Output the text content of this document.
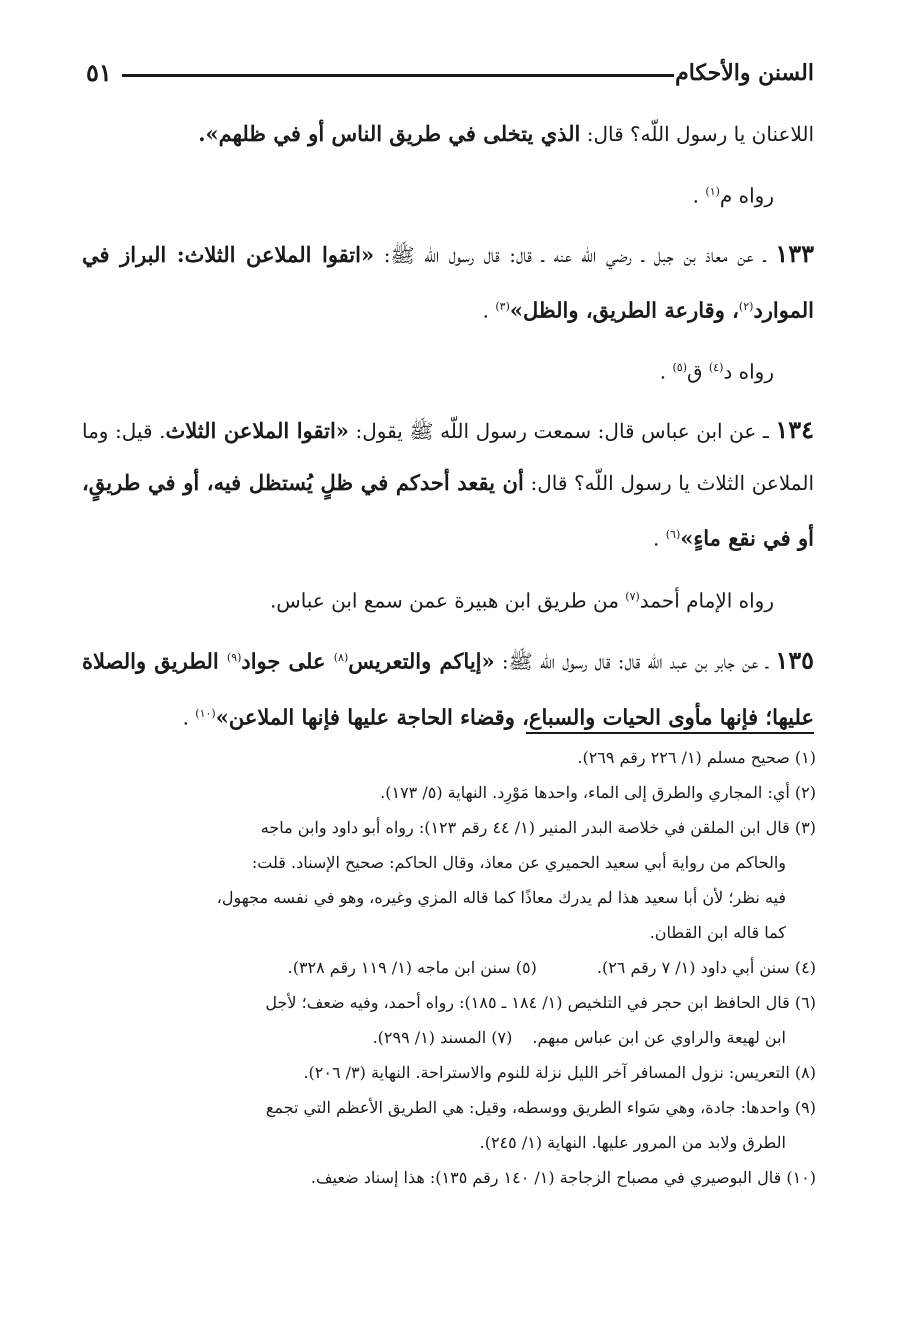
السنن والأحكام
٥١

اللاعنان يا رسول اللّه؟ قال: الذي يتخلى في طريق الناس أو في ظلهم».

رواه م$^{(١)}$ .

١٣٣ ـ عن معاذ بن جبل ـ رضي اللّه عنه ـ قال: قال رسول اللّه ﷺ: «اتقوا الملاعن الثلاث: البراز في الموارد$^{(٢)}$، وقارعة الطريق، والظل»$^{(٣)}$ .

رواه د$^{(٤)}$ ق$^{(٥)}$ .

١٣٤ ـ عن ابن عباس قال: سمعت رسول اللّه ﷺ يقول: «اتقوا الملاعن الثلاث. قيل: وما الملاعن الثلاث يا رسول اللّه؟ قال: أن يقعد أحدكم في ظلٍ يُستظل فيه، أو في طريقٍ، أو في نقع ماءٍ»$^{(٦)}$ .

رواه الإمام أحمد$^{(٧)}$ من طريق ابن هبيرة عمن سمع ابن عباس.

١٣٥ ـ عن جابر بن عبد اللّه قال: قال رسول اللّه ﷺ: «إياكم والتعريس$^{(٨)}$ على جواد$^{(٩)}$ الطريق والصلاة عليها؛ فإنها مأوى الحيات والسباع، وقضاء الحاجة عليها فإنها الملاعن»$^{(١٠)}$ .

(١) صحيح مسلم (١/ ٢٢٦ رقم ٢٦٩).

(٢) أي: المجاري والطرق إلى الماء، واحدها مَوْرِد. النهاية (٥/ ١٧٣).

(٣) قال ابن الملقن في خلاصة البدر المنير (١/ ٤٤ رقم ١٢٣): رواه أبو داود وابن ماجه

والحاكم من رواية أبي سعيد الحميري عن معاذ، وقال الحاكم: صحيح الإسناد. قلت:

فيه نظر؛ لأن أبا سعيد هذا لم يدرك معاذًا كما قاله المزي وغيره، وهو في نفسه مجهول،

كما قاله ابن القطان.

(٤) سنن أبي داود (١/ ٧ رقم ٢٦).(٥) سنن ابن ماجه (١/ ١١٩ رقم ٣٢٨).

(٦) قال الحافظ ابن حجر في التلخيص (١/ ١٨٤ ـ ١٨٥): رواه أحمد، وفيه ضعف؛ لأجل

ابن لهيعة والراوي عن ابن عباس مبهم.(٧) المسند (١/ ٢٩٩).

(٨) التعريس: نزول المسافر آخر الليل نزلة للنوم والاستراحة. النهاية (٣/ ٢٠٦).

(٩) واحدها: جادة، وهي سَواء الطريق ووسطه، وقيل: هي الطريق الأعظم التي تجمع

الطرق ولابد من المرور عليها. النهاية (١/ ٢٤٥).

(١٠) قال البوصيري في مصباح الزجاجة (١/ ١٤٠ رقم ١٣٥): هذا إسناد ضعيف.
